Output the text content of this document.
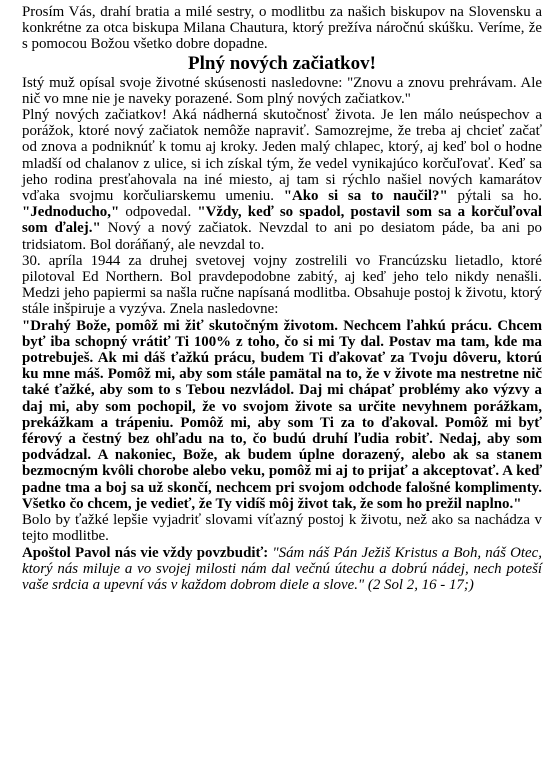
Prosím Vás, drahí bratia a milé sestry, o modlitbu za našich biskupov na Slovensku a konkrétne za otca biskupa Milana Chautura, ktorý prežíva náročnú skúšku. Veríme, že s pomocou Božou všetko dobre dopadne.

Plný nových začiatkov!

Istý muž opísal svoje životné skúsenosti nasledovne: "Znovu a znovu prehrávam. Ale nič vo mne nie je naveky porazené. Som plný nových začiatkov."

Plný nových začiatkov! Aká nádherná skutočnosť života. Je len málo neúspechov a porážok, ktoré nový začiatok nemôže napraviť. Samozrejme, že treba aj chcieť začať od znova a podniknúť k tomu aj kroky. Jeden malý chlapec, ktorý, aj keď bol o hodne mladší od chalanov z ulice, si ich získal tým, že vedel vynikajúco korčuľovať. Keď sa jeho rodina presťahovala na iné miesto, aj tam si rýchlo našiel nových kamarátov vďaka svojmu korčuliarskemu umeniu. "Ako si sa to naučil?" pýtali sa ho. "Jednoducho," odpovedal. "Vždy, keď so spadol, postavil som sa a korčuľoval som ďalej." Nový a nový začiatok. Nevzdal to ani po desiatom páde, ba ani po tridsiatom. Bol doráňaný, ale nevzdal to.

30. apríla 1944 za druhej svetovej vojny zostrelili vo Francúzsku lietadlo, ktoré pilotoval Ed Northern. Bol pravdepodobne zabitý, aj keď jeho telo nikdy nenašli. Medzi jeho papiermi sa našla ručne napísaná modlitba. Obsahuje postoj k životu, ktorý stále inšpiruje a vyzýva. Znela nasledovne:

"Drahý Bože, pomôž mi žiť skutočným životom. Nechcem ľahkú prácu. Chcem byť iba schopný vrátiť Ti 100% z toho, čo si mi Ty dal. Postav ma tam, kde ma potrebuješ. Ak mi dáš ťažkú prácu, budem Ti ďakovať za Tvoju dôveru, ktorú ku mne máš. Pomôž mi, aby som stále pamätal na to, že v živote ma nestretne nič také ťažké, aby som to s Tebou nezvládol. Daj mi chápať problémy ako výzvy a daj mi, aby som pochopil, že vo svojom živote sa určite nevyhnem porážkam, prekážkam a trápeniu. Pomôž mi, aby som Ti za to ďakoval. Pomôž mi byť férový a čestný bez ohľadu na to, čo budú druhí ľudia robiť. Nedaj, aby som podvádzal. A nakoniec, Bože, ak budem úplne dorazený, alebo ak sa stanem bezmocným kvôli chorobe alebo veku, pomôž mi aj to prijať a akceptovať. A keď padne tma a boj sa už skončí, nechcem pri svojom odchode falošné komplimenty. Všetko čo chcem, je vedieť, že Ty vidíš môj život tak, že som ho prežil naplno."

Bolo by ťažké lepšie vyjadriť slovami víťazný postoj k životu, než ako sa nachádza v tejto modlitbe.

Apoštol Pavol nás vie vždy povzbudiť: "Sám náš Pán Ježiš Kristus a Boh, náš Otec, ktorý nás miluje a vo svojej milosti nám dal večnú útechu a dobrú nádej, nech poteší vaše srdcia a upevní vás v každom dobrom diele a slove." (2 Sol 2, 16 - 17;)
